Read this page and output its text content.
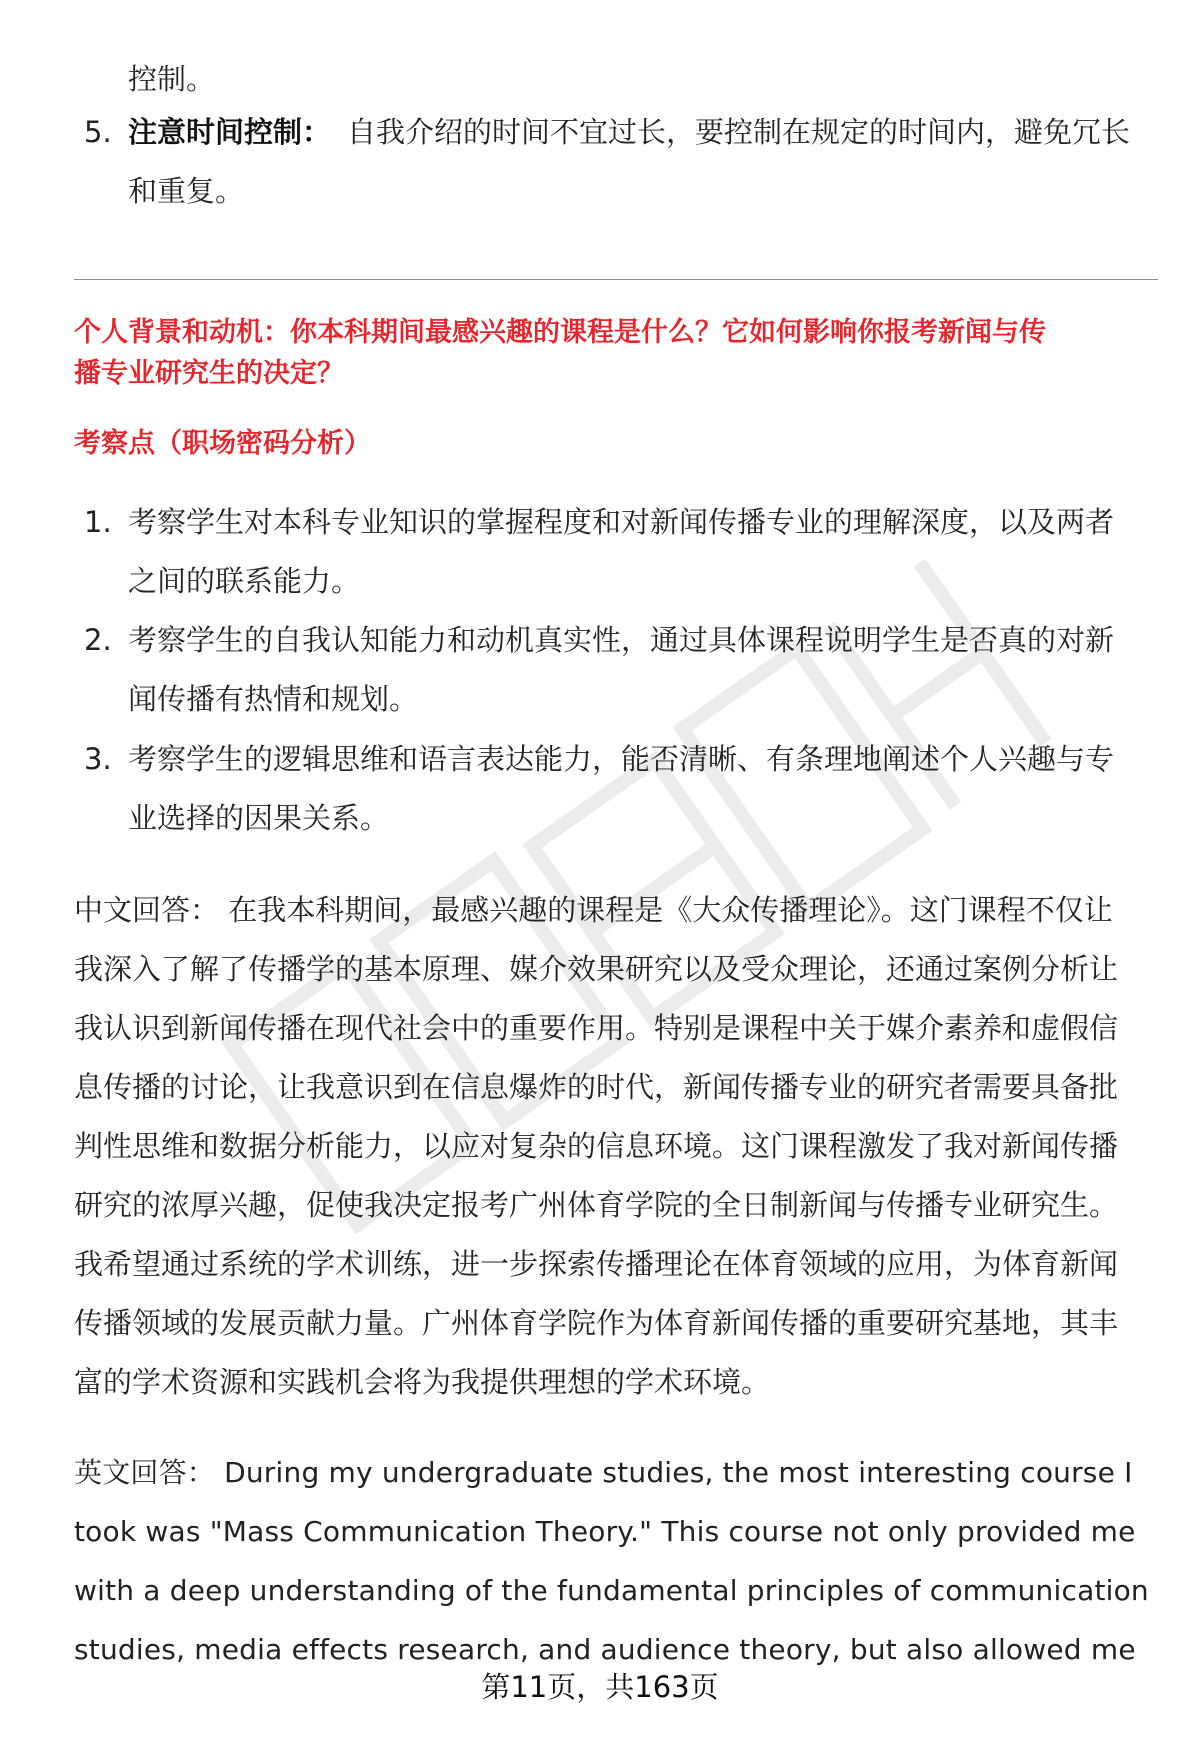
控制。
5. 注意时间控制： 自我介绍的时间不宜过长，要控制在规定的时间内，避免冗长
和重复。
个人背景和动机：你本科期间最感兴趣的课程是什么？它如何影响你报考新闻与传
播专业研究生的决定？
考察点（职场密码分析）
1. 考察学生对本科专业知识的掌握程度和对新闻传播专业的理解深度，以及两者
之间的联系能力。
2. 考察学生的自我认知能力和动机真实性，通过具体课程说明学生是否真的对新
闻传播有热情和规划。
3. 考察学生的逻辑思维和语言表达能力，能否清晰、有条理地阐述个人兴趣与专
业选择的因果关系。
中文回答： 在我本科期间，最感兴趣的课程是《大众传播理论》。这门课程不仅让
我深入了解了传播学的基本原理、媒介效果研究以及受众理论，还通过案例分析让
我认识到新闻传播在现代社会中的重要作用。特别是课程中关于媒介素养和虚假信
息传播的讨论，让我意识到在信息爆炸的时代，新闻传播专业的研究者需要具备批
判性思维和数据分析能力，以应对复杂的信息环境。这门课程激发了我对新闻传播
研究的浓厚兴趣，促使我决定报考广州体育学院的全日制新闻与传播专业研究生。
我希望通过系统的学术训练，进一步探索传播理论在体育领域的应用，为体育新闻
传播领域的发展贡献力量。广州体育学院作为体育新闻传播的重要研究基地，其丰
富的学术资源和实践机会将为我提供理想的学术环境。
英文回答： During my undergraduate studies, the most interesting course I
took was "Mass Communication Theory." This course not only provided me
with a deep understanding of the fundamental principles of communication
studies, media effects research, and audience theory, but also allowed me
第11页，共163页
